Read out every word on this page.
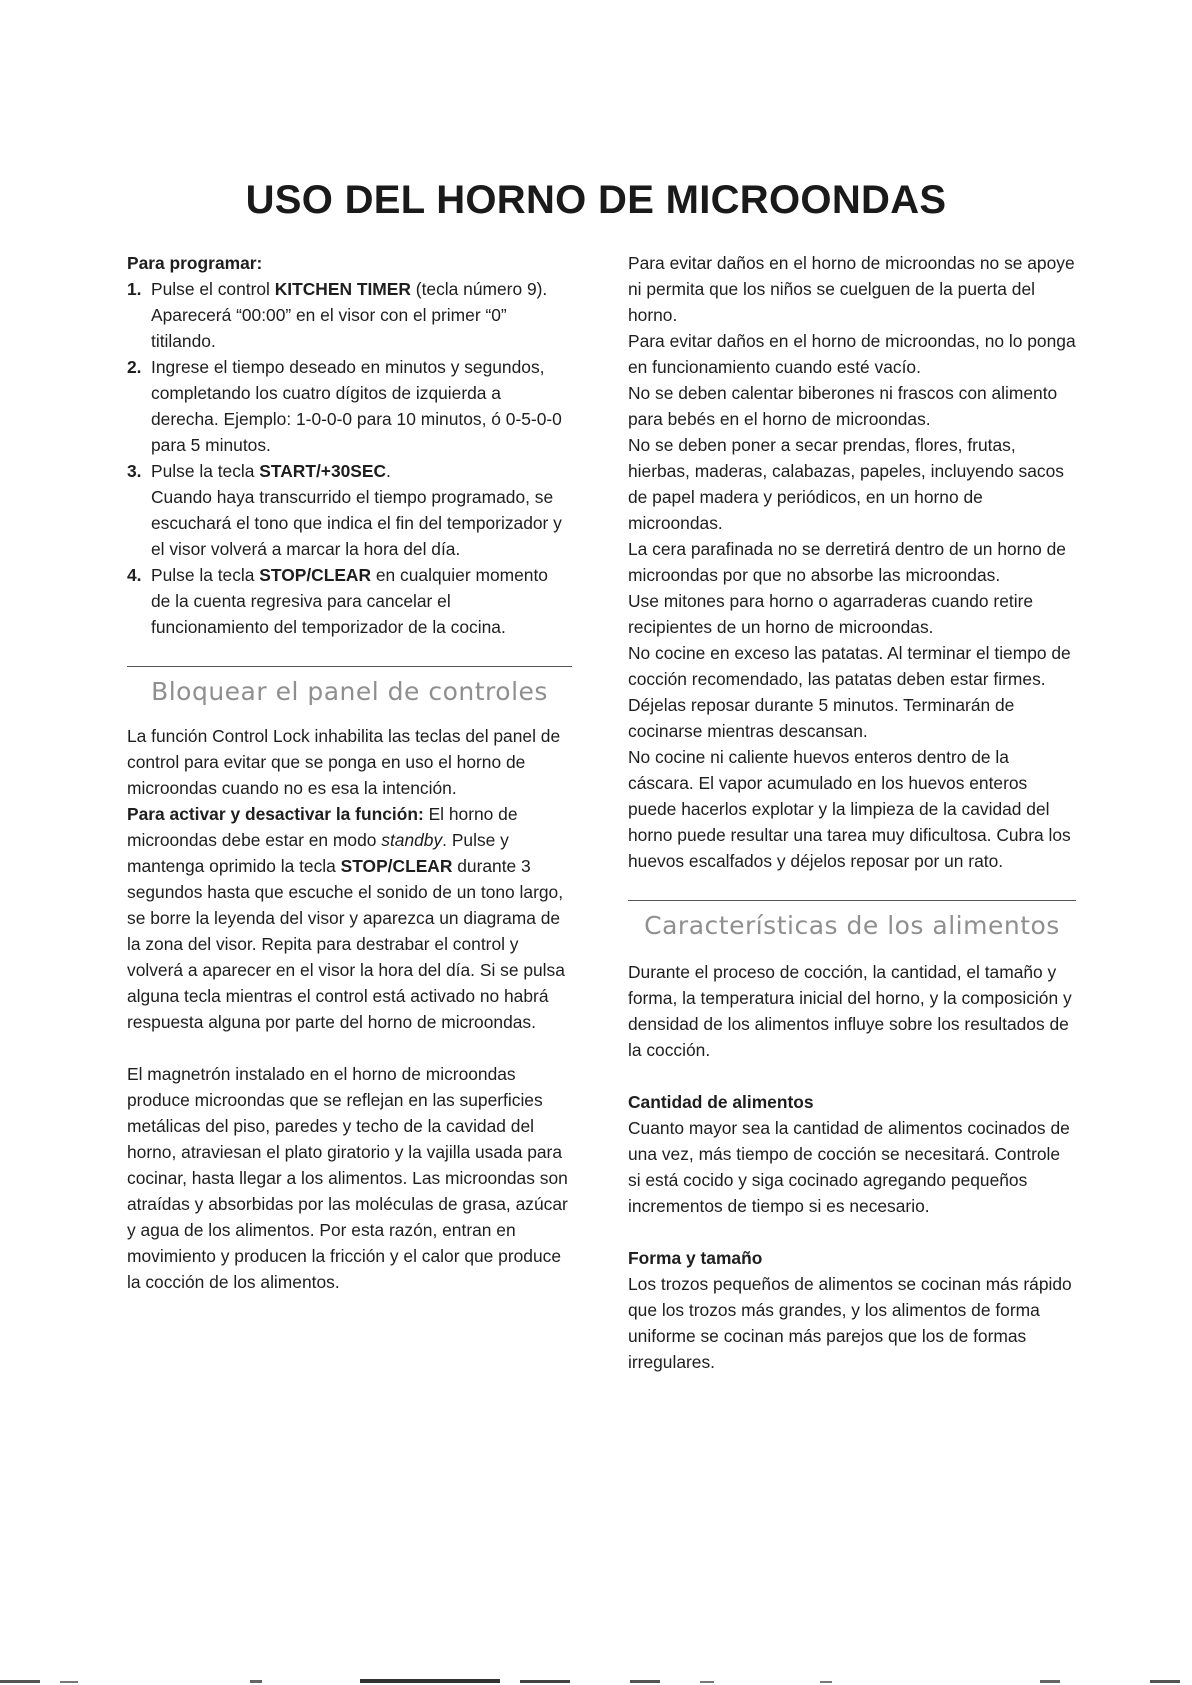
USO DEL HORNO DE MICROONDAS

Para programar:

1. Pulse el control KITCHEN TIMER (tecla número 9). Aparecerá “00:00” en el visor con el primer “0” titilando.
2. Ingrese el tiempo deseado en minutos y segundos, completando los cuatro dígitos de izquierda a derecha. Ejemplo: 1-0-0-0 para 10 minutos, ó 0-5-0-0 para 5 minutos.
3. Pulse la tecla START/+30SEC.
Cuando haya transcurrido el tiempo programado, se escuchará el tono que indica el fin del temporizador y el visor volverá a marcar la hora del día.
4. Pulse la tecla STOP/CLEAR en cualquier momento de la cuenta regresiva para cancelar el funcionamiento del temporizador de la cocina.

Bloquear el panel de controles

La función Control Lock inhabilita las teclas del panel de control para evitar que se ponga en uso el horno de microondas cuando no es esa la intención.

Para activar y desactivar la función: El horno de microondas debe estar en modo standby. Pulse y mantenga oprimido la tecla STOP/CLEAR durante 3 segundos hasta que escuche el sonido de un tono largo, se borre la leyenda del visor y aparezca un diagrama de la zona del visor. Repita para destrabar el control y volverá a aparecer en el visor la hora del día. Si se pulsa alguna tecla mientras el control está activado no habrá respuesta alguna por parte del horno de microondas.

El magnetrón instalado en el horno de microondas produce microondas que se reflejan en las superficies metálicas del piso, paredes y techo de la cavidad del horno, atraviesan el plato giratorio y la vajilla usada para cocinar, hasta llegar a los alimentos. Las microondas son atraídas y absorbidas por las moléculas de grasa, azúcar y agua de los alimentos. Por esta razón, entran en movimiento y producen la fricción y el calor que produce la cocción de los alimentos.

Para evitar daños en el horno de microondas no se apoye ni permita que los niños se cuelguen de la puerta del horno.

Para evitar daños en el horno de microondas, no lo ponga en funcionamiento cuando esté vacío.

No se deben calentar biberones ni frascos con alimento para bebés en el horno de microondas.

No se deben poner a secar prendas, flores, frutas, hierbas, maderas, calabazas, papeles, incluyendo sacos de papel madera y periódicos, en un horno de microondas.

La cera parafinada no se derretirá dentro de un horno de microondas por que no absorbe las microondas.

Use mitones para horno o agarraderas cuando retire recipientes de un horno de microondas.

No cocine en exceso las patatas. Al terminar el tiempo de cocción recomendado, las patatas deben estar firmes. Déjelas reposar durante 5 minutos. Terminarán de cocinarse mientras descansan.

No cocine ni caliente huevos enteros dentro de la cáscara. El vapor acumulado en los huevos enteros puede hacerlos explotar y la limpieza de la cavidad del horno puede resultar una tarea muy dificultosa. Cubra los huevos escalfados y déjelos reposar por un rato.

Características de los alimentos

Durante el proceso de cocción, la cantidad, el tamaño y forma, la temperatura inicial del horno, y la composición y densidad de los alimentos influye sobre los resultados de la cocción.

Cantidad de alimentos

Cuanto mayor sea la cantidad de alimentos cocinados de una vez, más tiempo de cocción se necesitará. Controle si está cocido y siga cocinado agregando pequeños incrementos de tiempo si es necesario.

Forma y tamaño

Los trozos pequeños de alimentos se cocinan más rápido que los trozos más grandes, y los alimentos de forma uniforme se cocinan más parejos que los de formas irregulares.
